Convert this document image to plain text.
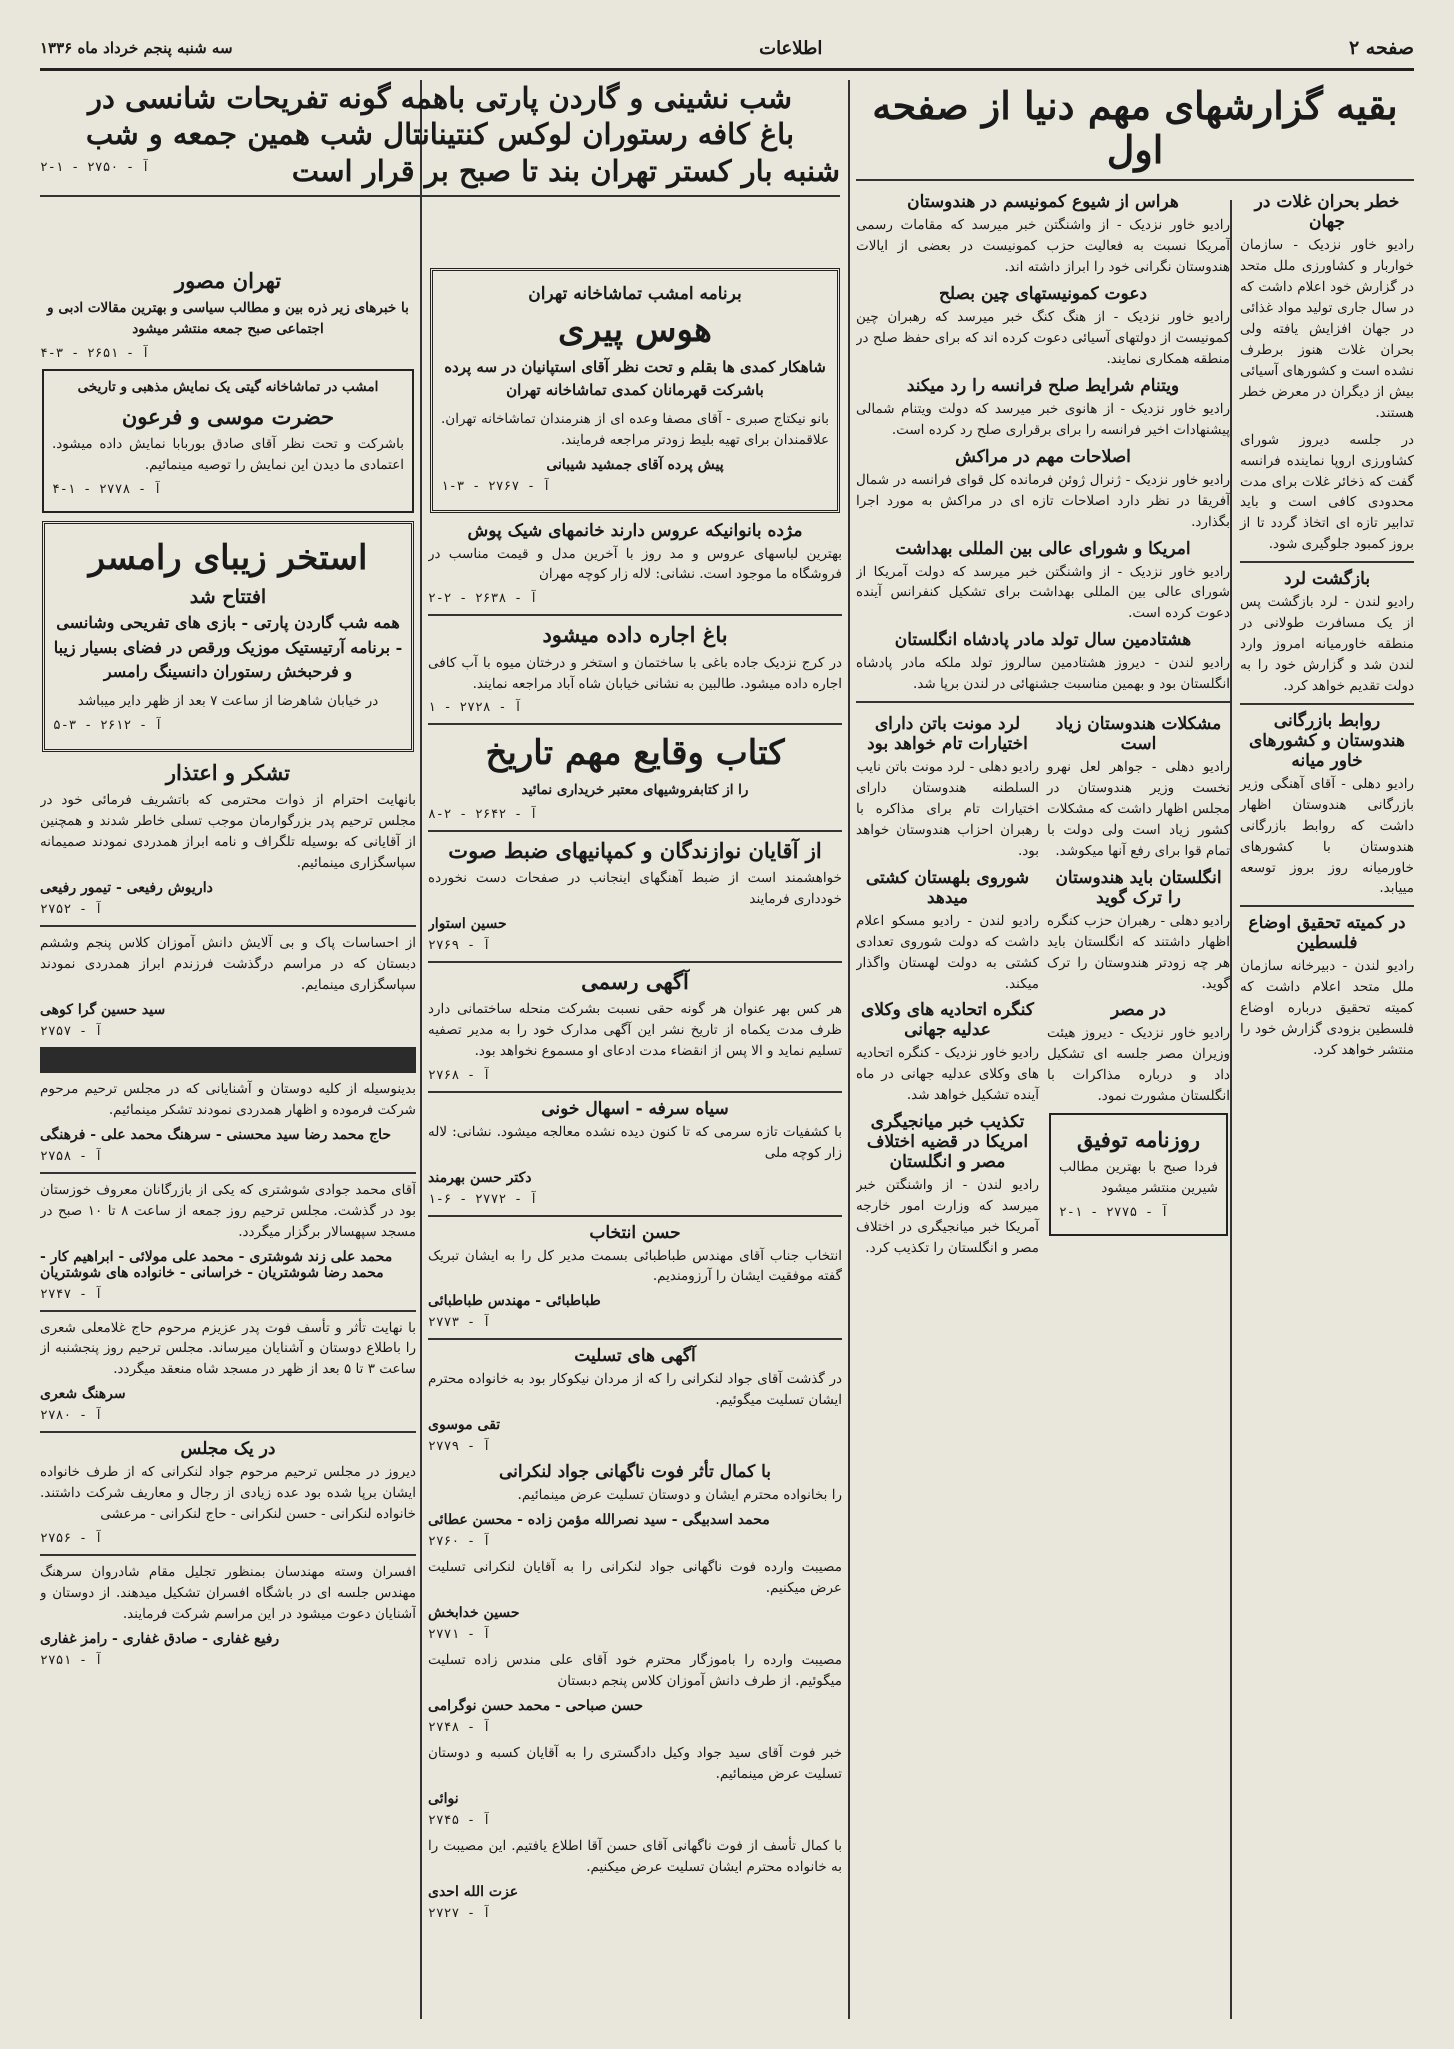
صفحه ۲
اطلاعات
سه شنبه پنجم خرداد ماه ۱۳۳۶
بقیه گزارشهای مهم دنیا از صفحه اول
خطر بحران غلات در جهان

رادیو خاور نزدیک - سازمان خواربار و کشاورزی ملل متحد در گزارش خود اعلام داشت که در سال جاری تولید مواد غذائی در جهان افزایش یافته ولی بحران غلات هنوز برطرف نشده است و کشورهای آسیائی بیش از دیگران در معرض خطر هستند.

در جلسه دیروز شورای کشاورزی اروپا نماینده فرانسه گفت که ذخائر غلات برای مدت محدودی کافی است و باید تدابیر تازه ای اتخاذ گردد تا از بروز کمبود جلوگیری شود.

بازگشت لرد

رادیو لندن - لرد بازگشت پس از یک مسافرت طولانی در منطقه خاورمیانه امروز وارد لندن شد و گزارش خود را به دولت تقدیم خواهد کرد.

روابط بازرگانی هندوستان و کشورهای خاور میانه

رادیو دهلی - آقای آهنگی وزیر بازرگانی هندوستان اظهار داشت که روابط بازرگانی هندوستان با کشورهای خاورمیانه روز بروز توسعه مییابد.

در کمیته تحقیق اوضاع فلسطین

رادیو لندن - دبیرخانه سازمان ملل متحد اعلام داشت که کمیته تحقیق درباره اوضاع فلسطین بزودی گزارش خود را منتشر خواهد کرد.

هراس از شیوع کمونیسم در هندوستان

رادیو خاور نزدیک - از واشنگتن خبر میرسد که مقامات رسمی آمریکا نسبت به فعالیت حزب کمونیست در بعضی از ایالات هندوستان نگرانی خود را ابراز داشته اند.

دعوت کمونیستهای چین بصلح

رادیو خاور نزدیک - از هنگ کنگ خبر میرسد که رهبران چین کمونیست از دولتهای آسیائی دعوت کرده اند که برای حفظ صلح در منطقه همکاری نمایند.

ویتنام شرایط صلح فرانسه را رد میکند

رادیو خاور نزدیک - از هانوی خبر میرسد که دولت ویتنام شمالی پیشنهادات اخیر فرانسه را برای برقراری صلح رد کرده است.

اصلاحات مهم در مراکش

رادیو خاور نزدیک - ژنرال ژوئن فرمانده کل قوای فرانسه در شمال آفریقا در نظر دارد اصلاحات تازه ای در مراکش به مورد اجرا بگذارد.

امریکا و شورای عالی بین المللی بهداشت

رادیو خاور نزدیک - از واشنگتن خبر میرسد که دولت آمریکا از شورای عالی بین المللی بهداشت برای تشکیل کنفرانس آینده دعوت کرده است.

هشتادمین سال تولد مادر پادشاه انگلستان

رادیو لندن - دیروز هشتادمین سالروز تولد ملکه مادر پادشاه انگلستان بود و بهمین مناسبت جشنهائی در لندن برپا شد.

مشکلات هندوستان زیاد است

رادیو دهلی - جواهر لعل نهرو نخست وزیر هندوستان در مجلس اظهار داشت که مشکلات کشور زیاد است ولی دولت با تمام قوا برای رفع آنها میکوشد.

انگلستان باید هندوستان را ترک گوید

رادیو دهلی - رهبران حزب کنگره اظهار داشتند که انگلستان باید هر چه زودتر هندوستان را ترک گوید.

در مصر

رادیو خاور نزدیک - دیروز هیئت وزیران مصر جلسه ای تشکیل داد و درباره مذاکرات با انگلستان مشورت نمود.

روزنامه توفیق

فردا صبح با بهترین مطالب شیرین منتشر میشود

آ - ۲۷۷۵ - ۱-۲
لرد مونت باتن دارای اختیارات تام خواهد بود

رادیو دهلی - لرد مونت باتن نایب السلطنه هندوستان دارای اختیارات تام برای مذاکره با رهبران احزاب هندوستان خواهد بود.

شوروی بلهستان کشتی میدهد

رادیو لندن - رادیو مسکو اعلام داشت که دولت شوروی تعدادی کشتی به دولت لهستان واگذار میکند.

کنگره اتحادیه های وکلای عدلیه جهانی

رادیو خاور نزدیک - کنگره اتحادیه های وکلای عدلیه جهانی در ماه آینده تشکیل خواهد شد.

تکذیب خبر میانجیگری امریکا در قضیه اختلاف مصر و انگلستان

رادیو لندن - از واشنگتن خبر میرسد که وزارت امور خارجه آمریکا خبر میانجیگری در اختلاف مصر و انگلستان را تکذیب کرد.

شب نشینی و گاردن پارتی باهمه گونه تفریحات شانسی در
باغ کافه رستوران لوکس کنتینانتال شب همین جمعه و شب
شنبه بار کستر تهران بند تا صبح بر قرار است
آ - ۲۷۵۰ - ۱-۲
تهران مصور

با خبرهای زیر ذره بین و مطالب سیاسی و بهترین مقالات ادبی و اجتماعی صبح جمعه منتشر میشود

آ - ۲۶۵۱ - ۳-۴

امشب در تماشاخانه گیتی یک نمایش مذهبی و تاریخی

حضرت موسی و فرعون

باشرکت و تحت نظر آقای صادق بوربابا نمایش داده میشود. اعتمادی ما دیدن این نمایش را توصیه مینمائیم.

آ - ۲۷۷۸ - ۱-۴
استخر زیبای رامسر
افتتاح شد

همه شب گاردن پارتی - بازی های تفریحی وشانسی - برنامه آرتیستیک موزیک ورقص در فضای بسیار زیبا و فرحبخش رستوران دانسینگ رامسر

در خیابان شاهرضا از ساعت ۷ بعد از ظهر دایر میباشد

آ - ۲۶۱۲ - ۳-۵
تشکر و اعتذار

بانهایت احترام از ذوات محترمی که باتشریف فرمائی خود در مجلس ترحیم پدر بزرگوارمان موجب تسلی خاطر شدند و همچنین از آقایانی که بوسیله تلگراف و نامه ابراز همدردی نمودند صمیمانه سپاسگزاری مینمائیم.

داریوش رفیعی - تیمور رفیعی
آ - ۲۷۵۲

از احساسات پاک و بی آلایش دانش آموزان کلاس پنجم وششم دبستان که در مراسم درگذشت فرزندم ابراز همدردی نمودند سپاسگزاری مینمایم.

سید حسین گرا کوهی
آ - ۲۷۵۷

بدینوسیله از کلیه دوستان و آشنایانی که در مجلس ترحیم مرحوم شرکت فرموده و اظهار همدردی نمودند تشکر مینمائیم.

حاج محمد رضا سید محسنی - سرهنگ محمد علی - فرهنگی
آ - ۲۷۵۸

آقای محمد جوادی شوشتری که یکی از بازرگانان معروف خوزستان بود در گذشت. مجلس ترحیم روز جمعه از ساعت ۸ تا ۱۰ صبح در مسجد سپهسالار برگزار میگردد.

محمد علی زند شوشتری - محمد علی مولائی - ابراهیم کار - محمد رضا شوشتریان - خراسانی - خانواده های شوشتریان
آ - ۲۷۴۷

با نهایت تأثر و تأسف فوت پدر عزیزم مرحوم حاج غلامعلی شعری را باطلاع دوستان و آشنایان میرساند. مجلس ترحیم روز پنجشنبه از ساعت ۳ تا ۵ بعد از ظهر در مسجد شاه منعقد میگردد.

سرهنگ شعری
آ - ۲۷۸۰
در یک مجلس

دیروز در مجلس ترحیم مرحوم جواد لنکرانی که از طرف خانواده ایشان برپا شده بود عده زیادی از رجال و معاریف شرکت داشتند. خانواده لنکرانی - حسن لنکرانی - حاج لنکرانی - مرعشی

آ - ۲۷۵۶

افسران وسته مهندسان بمنظور تجلیل مقام شادروان سرهنگ مهندس جلسه ای در باشگاه افسران تشکیل میدهند. از دوستان و آشنایان دعوت میشود در این مراسم شرکت فرمایند.

رفیع غفاری - صادق غفاری - رامز غفاری
آ - ۲۷۵۱
برنامه امشب تماشاخانه تهران
هوس پیری

شاهکار کمدی ها بقلم و تحت نظر آقای استپانیان در سه پرده باشرکت قهرمانان کمدی تماشاخانه تهران

بانو نیکتاج صبری - آقای مصفا وعده ای از هنرمندان تماشاخانه تهران. علاقمندان برای تهیه بلیط زودتر مراجعه فرمایند.

پیش پرده آقای جمشید شیبانی
آ - ۲۷۶۷ - ۳-۱
مژده بانوانیکه عروس دارند خانمهای شیک پوش

بهترین لباسهای عروس و مد روز با آخرین مدل و قیمت مناسب در فروشگاه ما موجود است. نشانی: لاله زار کوچه مهران

آ - ۲۶۳۸ - ۲-۲
باغ اجاره داده میشود

در کرج نزدیک جاده باغی با ساختمان و استخر و درختان میوه با آب کافی اجاره داده میشود. طالبین به نشانی خیابان شاه آباد مراجعه نمایند.

آ - ۲۷۲۸ - ۱
کتاب وقایع مهم تاریخ

را از کتابفروشیهای معتبر خریداری نمائید

آ - ۲۶۴۲ - ۲-۸
از آقایان نوازندگان و کمپانیهای ضبط صوت

خواهشمند است از ضبط آهنگهای اینجانب در صفحات دست نخورده خودداری فرمایند

حسین استوار
آ - ۲۷۶۹
آگهی رسمی

هر کس بهر عنوان هر گونه حقی نسبت بشرکت منحله ساختمانی دارد ظرف مدت یکماه از تاریخ نشر این آگهی مدارک خود را به مدیر تصفیه تسلیم نماید و الا پس از انقضاء مدت ادعای او مسموع نخواهد بود.

آ - ۲۷۶۸
سیاه سرفه - اسهال خونی

با کشفیات تازه سرمی که تا کنون دیده نشده معالجه میشود. نشانی: لاله زار کوچه ملی

دکتر حسن بهرمند
آ - ۲۷۷۲ - ۶-۱
حسن انتخاب

انتخاب جناب آقای مهندس طباطبائی بسمت مدیر کل را به ایشان تبریک گفته موفقیت ایشان را آرزومندیم.

طباطبائی - مهندس طباطبائی
آ - ۲۷۷۳
آگهی های تسلیت

در گذشت آقای جواد لنکرانی را که از مردان نیکوکار بود به خانواده محترم ایشان تسلیت میگوئیم.

تقی موسوی
آ - ۲۷۷۹
با کمال تأثر فوت ناگهانی جواد لنکرانی

را بخانواده محترم ایشان و دوستان تسلیت عرض مینمائیم.

محمد اسدبیگی - سید نصرالله مؤمن زاده - محسن عطائی
آ - ۲۷۶۰

مصیبت وارده فوت ناگهانی جواد لنکرانی را به آقایان لنکرانی تسلیت عرض میکنیم.

حسین خدابخش
آ - ۲۷۷۱

مصیبت وارده را باموزگار محترم خود آقای علی مندس زاده تسلیت میگوئیم. از طرف دانش آموزان کلاس پنجم دبستان

حسن صباحی - محمد حسن نوگرامی
آ - ۲۷۴۸

خبر فوت آقای سید جواد وکیل دادگستری را به آقایان کسبه و دوستان تسلیت عرض مینمائیم.

نوائی
آ - ۲۷۴۵

با کمال تأسف از فوت ناگهانی آقای حسن آقا اطلاع یافتیم. این مصیبت را به خانواده محترم ایشان تسلیت عرض میکنیم.

عزت الله احدی
آ - ۲۷۲۷
